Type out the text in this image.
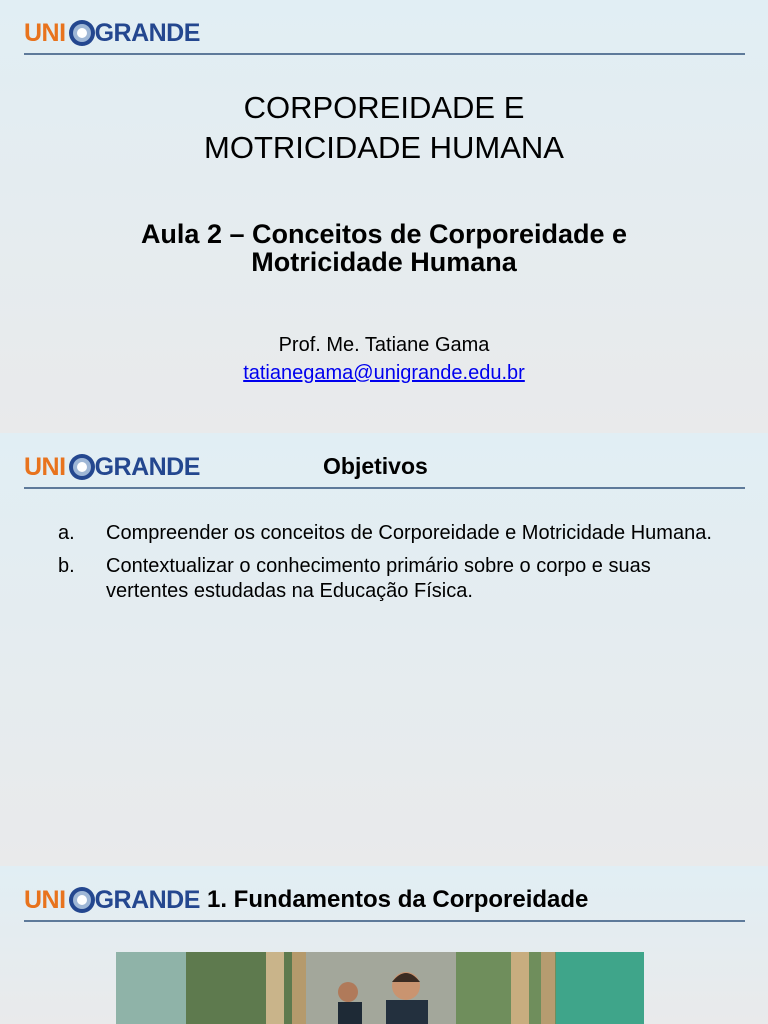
UNI GRANDE
CORPOREIDADE E
MOTRICIDADE HUMANA
Aula 2 – Conceitos de Corporeidade e
Motricidade Humana
Prof. Me. Tatiane Gama
tatianegama@unigrande.edu.br
UNI GRANDE	Objetivos
a.	Compreender os conceitos de Corporeidade e Motricidade Humana.
b.	Contextualizar o conhecimento primário sobre o corpo e suas vertentes estudadas na Educação Física.
UNI GRANDE 1. Fundamentos da Corporeidade
